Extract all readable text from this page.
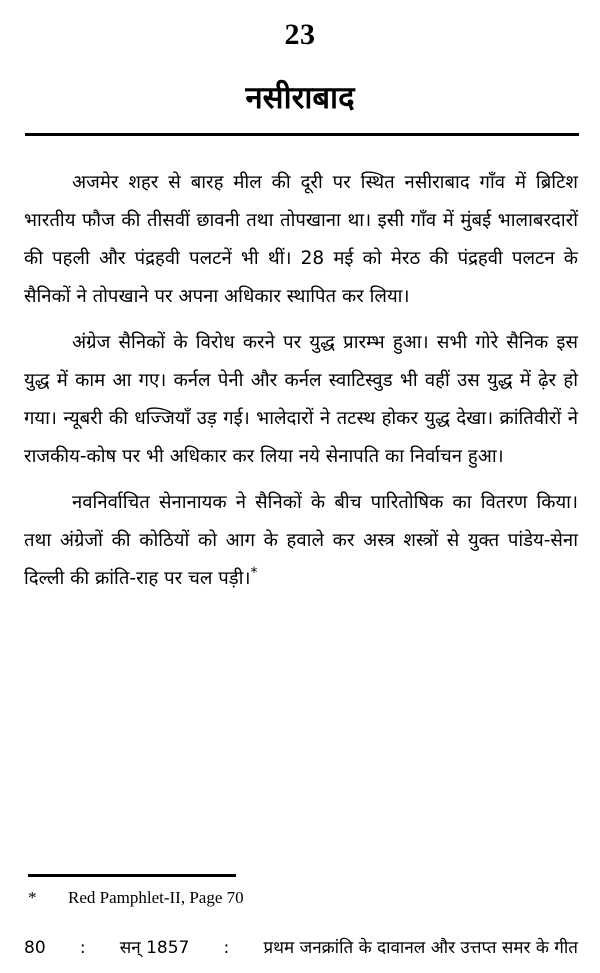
23
नसीराबाद

अजमेर शहर से बारह मील की दूरी पर स्थित नसीराबाद गाँव में ब्रिटिश भारतीय फौज की तीसवीं छावनी तथा तोपखाना था। इसी गाँव में मुंबई भालाबरदारों की पहली और पंद्रहवी पलटनें भी थीं। 28 मई को मेरठ की पंद्रहवी पलटन के सैनिकों ने तोपखाने पर अपना अधिकार स्थापित कर लिया।

अंग्रेज सैनिकों के विरोध करने पर युद्ध प्रारम्भ हुआ। सभी गोरे सैनिक इस युद्ध में काम आ गए। कर्नल पेनी और कर्नल स्वाटिस्वुड भी वहीं उस युद्ध में ढ़ेर हो गया। न्यूबरी की धज्जियाँ उड़ गई। भालेदारों ने तटस्थ होकर युद्ध देखा। क्रांतिवीरों ने राजकीय-कोष पर भी अधिकार कर लिया नये सेनापति का निर्वाचन हुआ।

नवनिर्वाचित सेनानायक ने सैनिकों के बीच पारितोषिक का वितरण किया। तथा अंग्रेजों की कोठियों को आग के हवाले कर अस्त्र शस्त्रों से युक्त पांडेय-सेना दिल्ली की क्रांति-राह पर चल पड़ी।*

* Red Pamphlet-II, Page 70
80 : सन् 1857 : प्रथम जनक्रांति के दावानल और उत्तप्त समर के गीत
